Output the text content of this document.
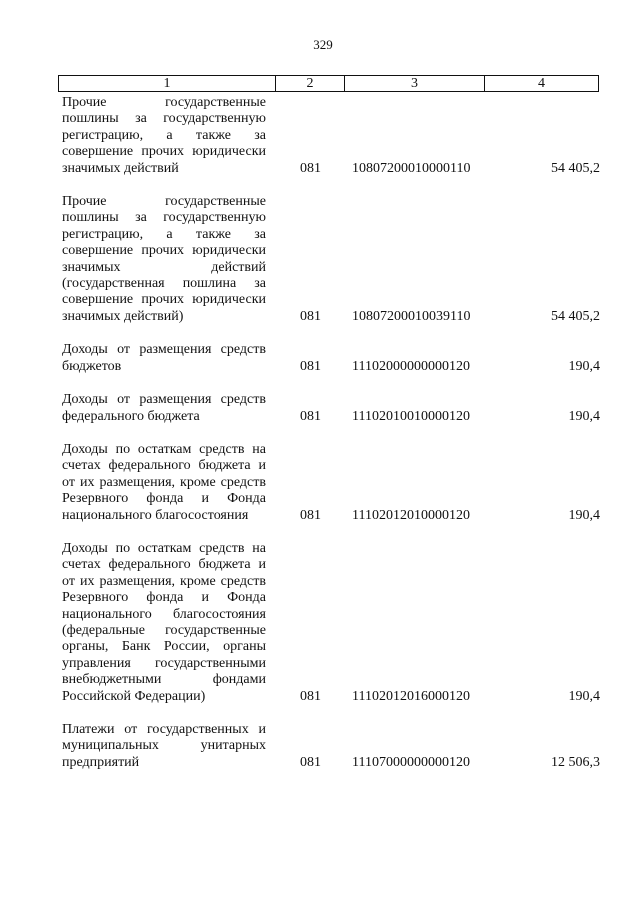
329
1	2	3	4
Прочие государственные пошлины за государственную регистрацию, а также за совершение прочих юридически значимых действий	081 10807200010000110	54 405,2
Прочие государственные пошлины за государственную регистрацию, а также за совершение прочих юридически значимых действий (государственная пошлина за совершение прочих юридически значимых действий)	081 10807200010039110	54 405,2
Доходы от размещения средств бюджетов	081 11102000000000120	190,4
Доходы от размещения средств федерального бюджета	081 11102010010000120	190,4
Доходы по остаткам средств на счетах федерального бюджета и от их размещения, кроме средств Резервного фонда и Фонда национального благосостояния	081 11102012010000120	190,4
Доходы по остаткам средств на счетах федерального бюджета и от их размещения, кроме средств Резервного фонда и Фонда национального благосостояния (федеральные государственные органы, Банк России, органы управления государственными внебюджетными фондами Российской Федерации)	081 11102012016000120	190,4
Платежи от государственных и муниципальных унитарных предприятий	081 11107000000000120	12 506,3
